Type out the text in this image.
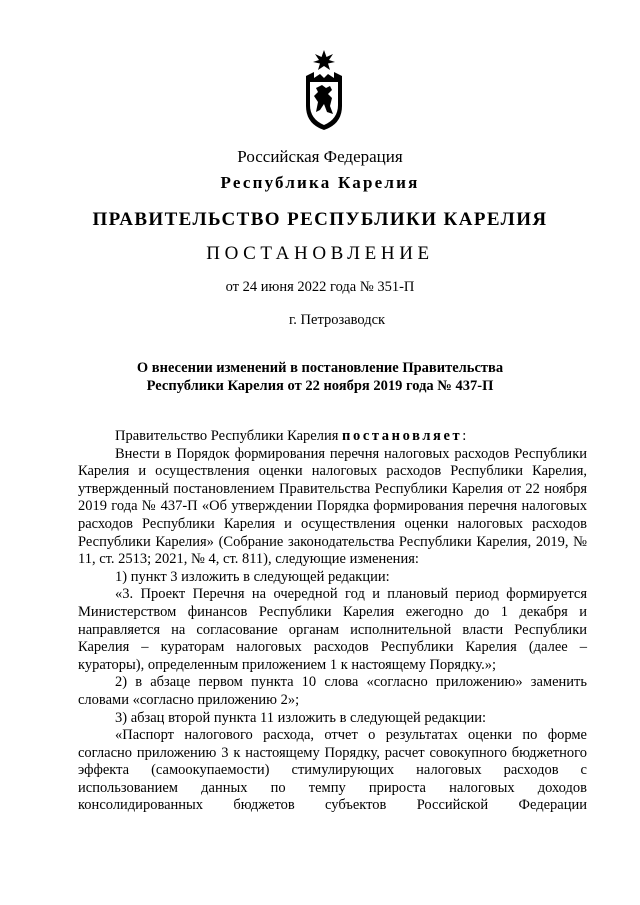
Российская Федерация
Республика Карелия
ПРАВИТЕЛЬСТВО РЕСПУБЛИКИ КАРЕЛИЯ
ПОСТАНОВЛЕНИЕ
от 24 июня 2022 года № 351-П
г. Петрозаводск
О внесении изменений в постановление Правительства
Республики Карелия от 22 ноября 2019 года № 437-П
Правительство Республики Карелия постановляет:
Внести в Порядок формирования перечня налоговых расходов Республики Карелия и осуществления оценки налоговых расходов Республики Карелия, утвержденный постановлением Правительства Республики Карелия от 22 ноября 2019 года № 437-П «Об утверждении Порядка формирования перечня налоговых расходов Республики Карелия и осуществления оценки налоговых расходов Республики Карелия» (Собрание законодательства Республики Карелия, 2019, № 11, ст. 2513; 2021, № 4, ст. 811), следующие изменения:
1) пункт 3 изложить в следующей редакции:
«3. Проект Перечня на очередной год и плановый период формируется Министерством финансов Республики Карелия ежегодно до 1 декабря и направляется на согласование органам исполнительной власти Республики Карелия – кураторам налоговых расходов Республики Карелия (далее – кураторы), определенным приложением 1 к настоящему Порядку.»;
2) в абзаце первом пункта 10 слова «согласно приложению» заменить словами «согласно приложению 2»;
3) абзац второй пункта 11 изложить в следующей редакции:
«Паспорт налогового расхода, отчет о результатах оценки по форме согласно приложению 3 к настоящему Порядку, расчет совокупного бюджетного эффекта (самоокупаемости) стимулирующих налоговых расходов с использованием данных по темпу прироста налоговых доходов консолидированных бюджетов субъектов Российской Федерации
